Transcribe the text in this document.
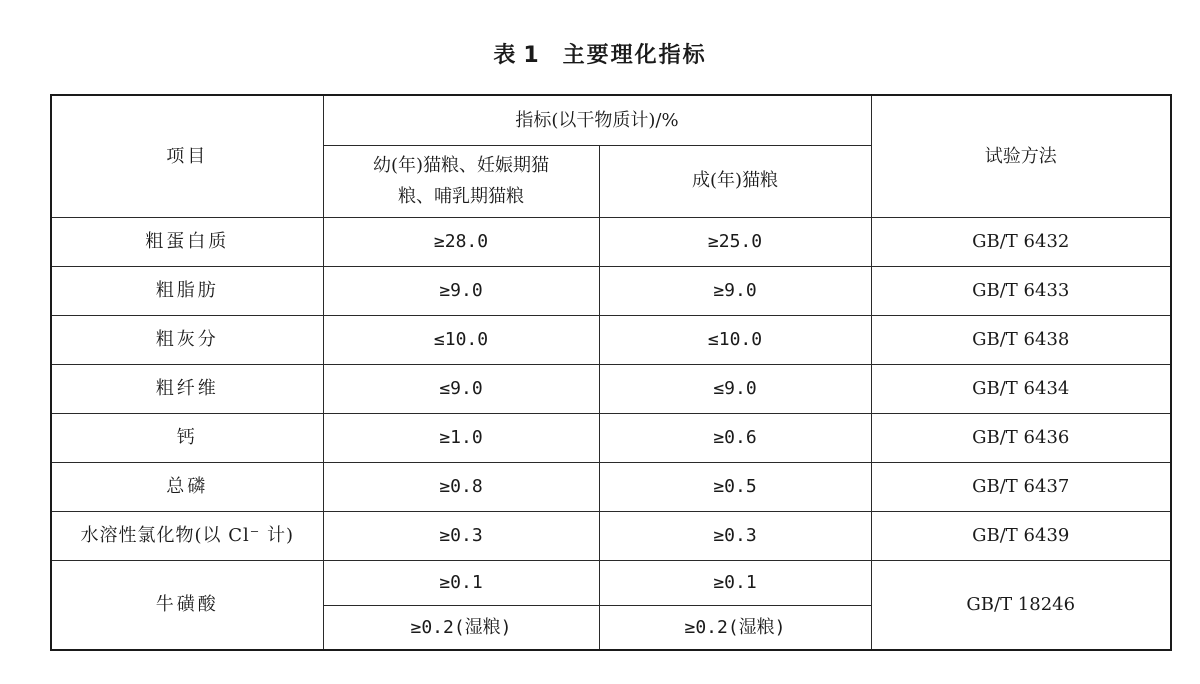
表 1 主要理化指标
项目	指标(以干物质计)/%		试验方法

	幼(年)猫粮、妊娠期猫粮、哺乳期猫粮	成(年)猫粮	
粗蛋白质	≥28.0	≥25.0	GB/T 6432
粗脂肪	≥9.0	≥9.0	GB/T 6433
粗灰分	≤10.0	≤10.0	GB/T 6438
粗纤维	≤9.0	≤9.0	GB/T 6434
钙	≥1.0	≥0.6	GB/T 6436
总磷	≥0.8	≥0.5	GB/T 6437
水溶性氯化物(以 Cl⁻ 计)	≥0.3	≥0.3	GB/T 6439
牛磺酸	≥0.1	≥0.1	GB/T 18246
	≥0.2(湿粮)	≥0.2(湿粮)	
